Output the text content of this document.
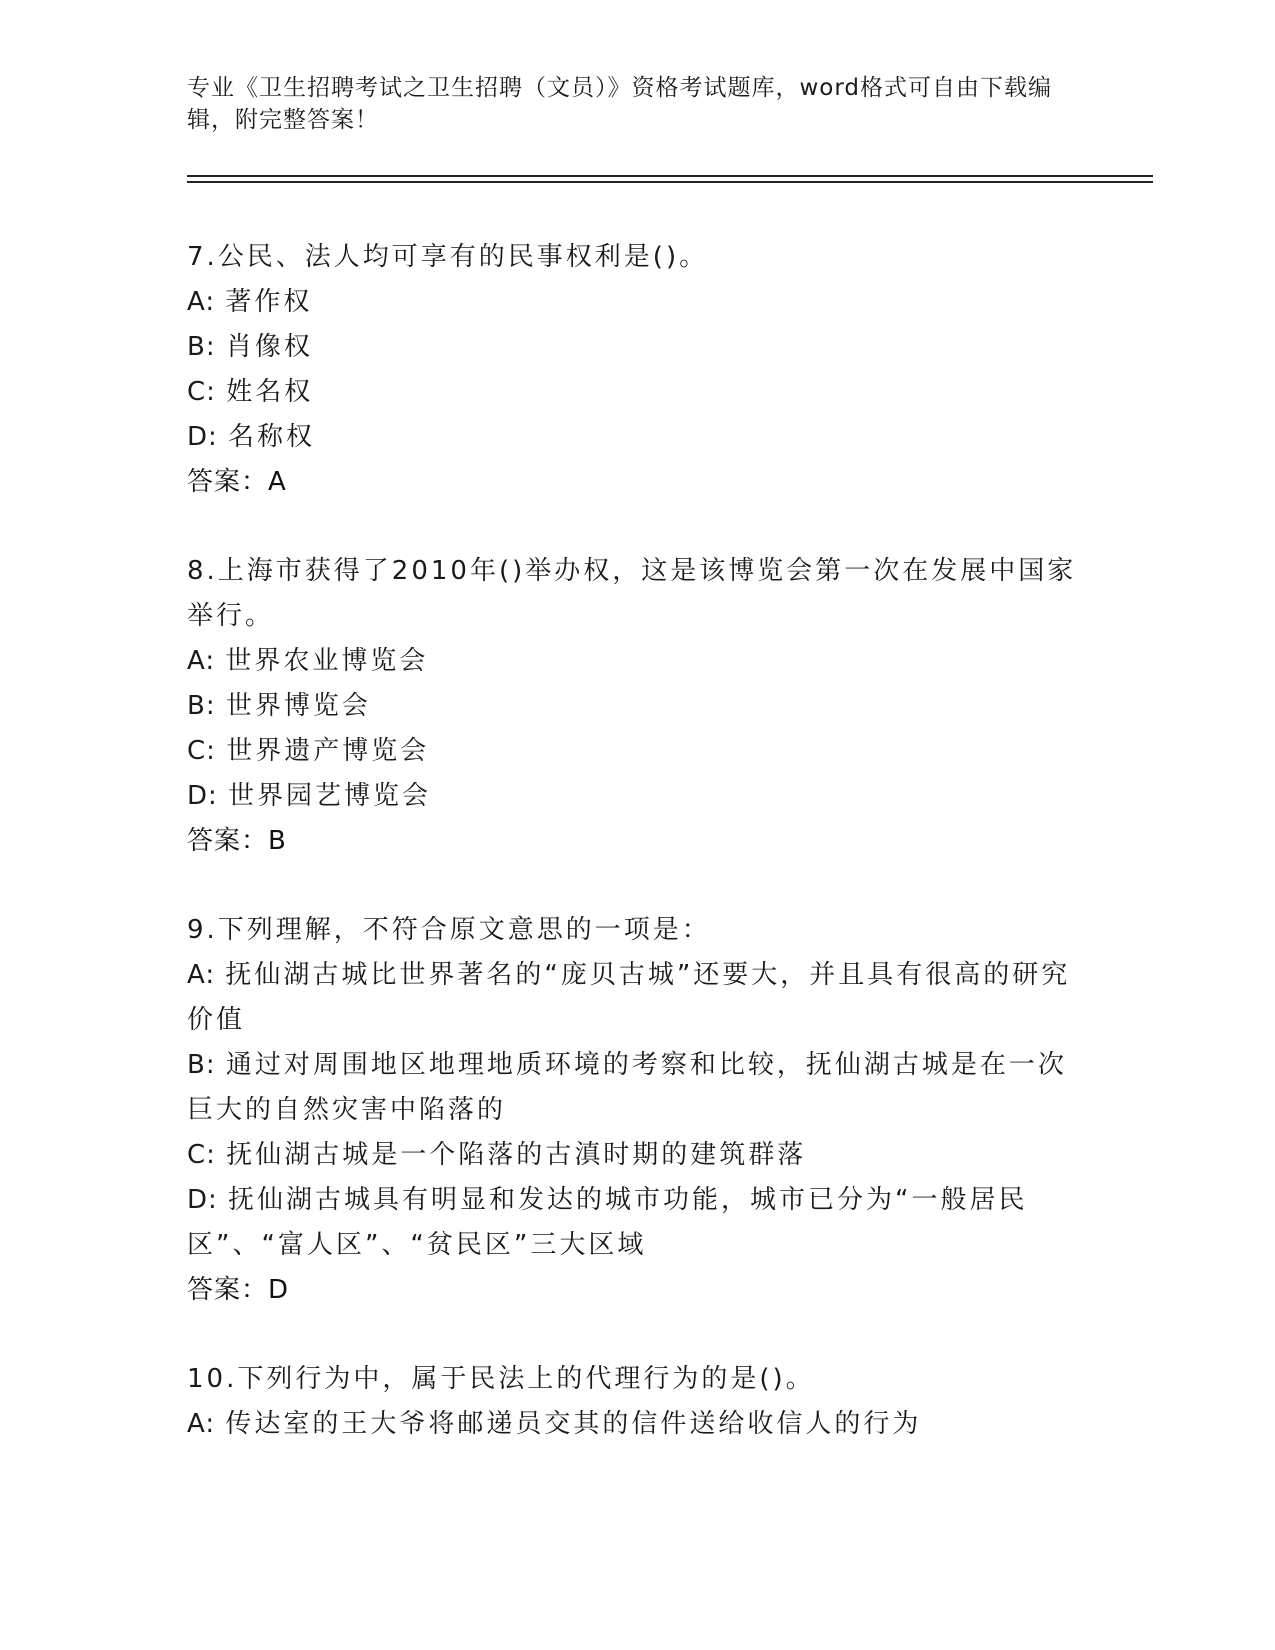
专业《卫生招聘考试之卫生招聘（文员）》资格考试题库，word格式可自由下载编辑，附完整答案！
7.公民、法人均可享有的民事权利是()。
A: 著作权
B: 肖像权
C: 姓名权
D: 名称权
答案：A
8.上海市获得了2010年()举办权，这是该博览会第一次在发展中国家举行。
A: 世界农业博览会
B: 世界博览会
C: 世界遗产博览会
D: 世界园艺博览会
答案：B
9.下列理解，不符合原文意思的一项是：
A: 抚仙湖古城比世界著名的“庞贝古城”还要大，并且具有很高的研究价值
B: 通过对周围地区地理地质环境的考察和比较，抚仙湖古城是在一次巨大的自然灾害中陷落的
C: 抚仙湖古城是一个陷落的古滇时期的建筑群落
D: 抚仙湖古城具有明显和发达的城市功能，城市已分为“一般居民区”、“富人区”、“贫民区”三大区域
答案：D
10.下列行为中，属于民法上的代理行为的是()。
A: 传达室的王大爷将邮递员交其的信件送给收信人的行为
